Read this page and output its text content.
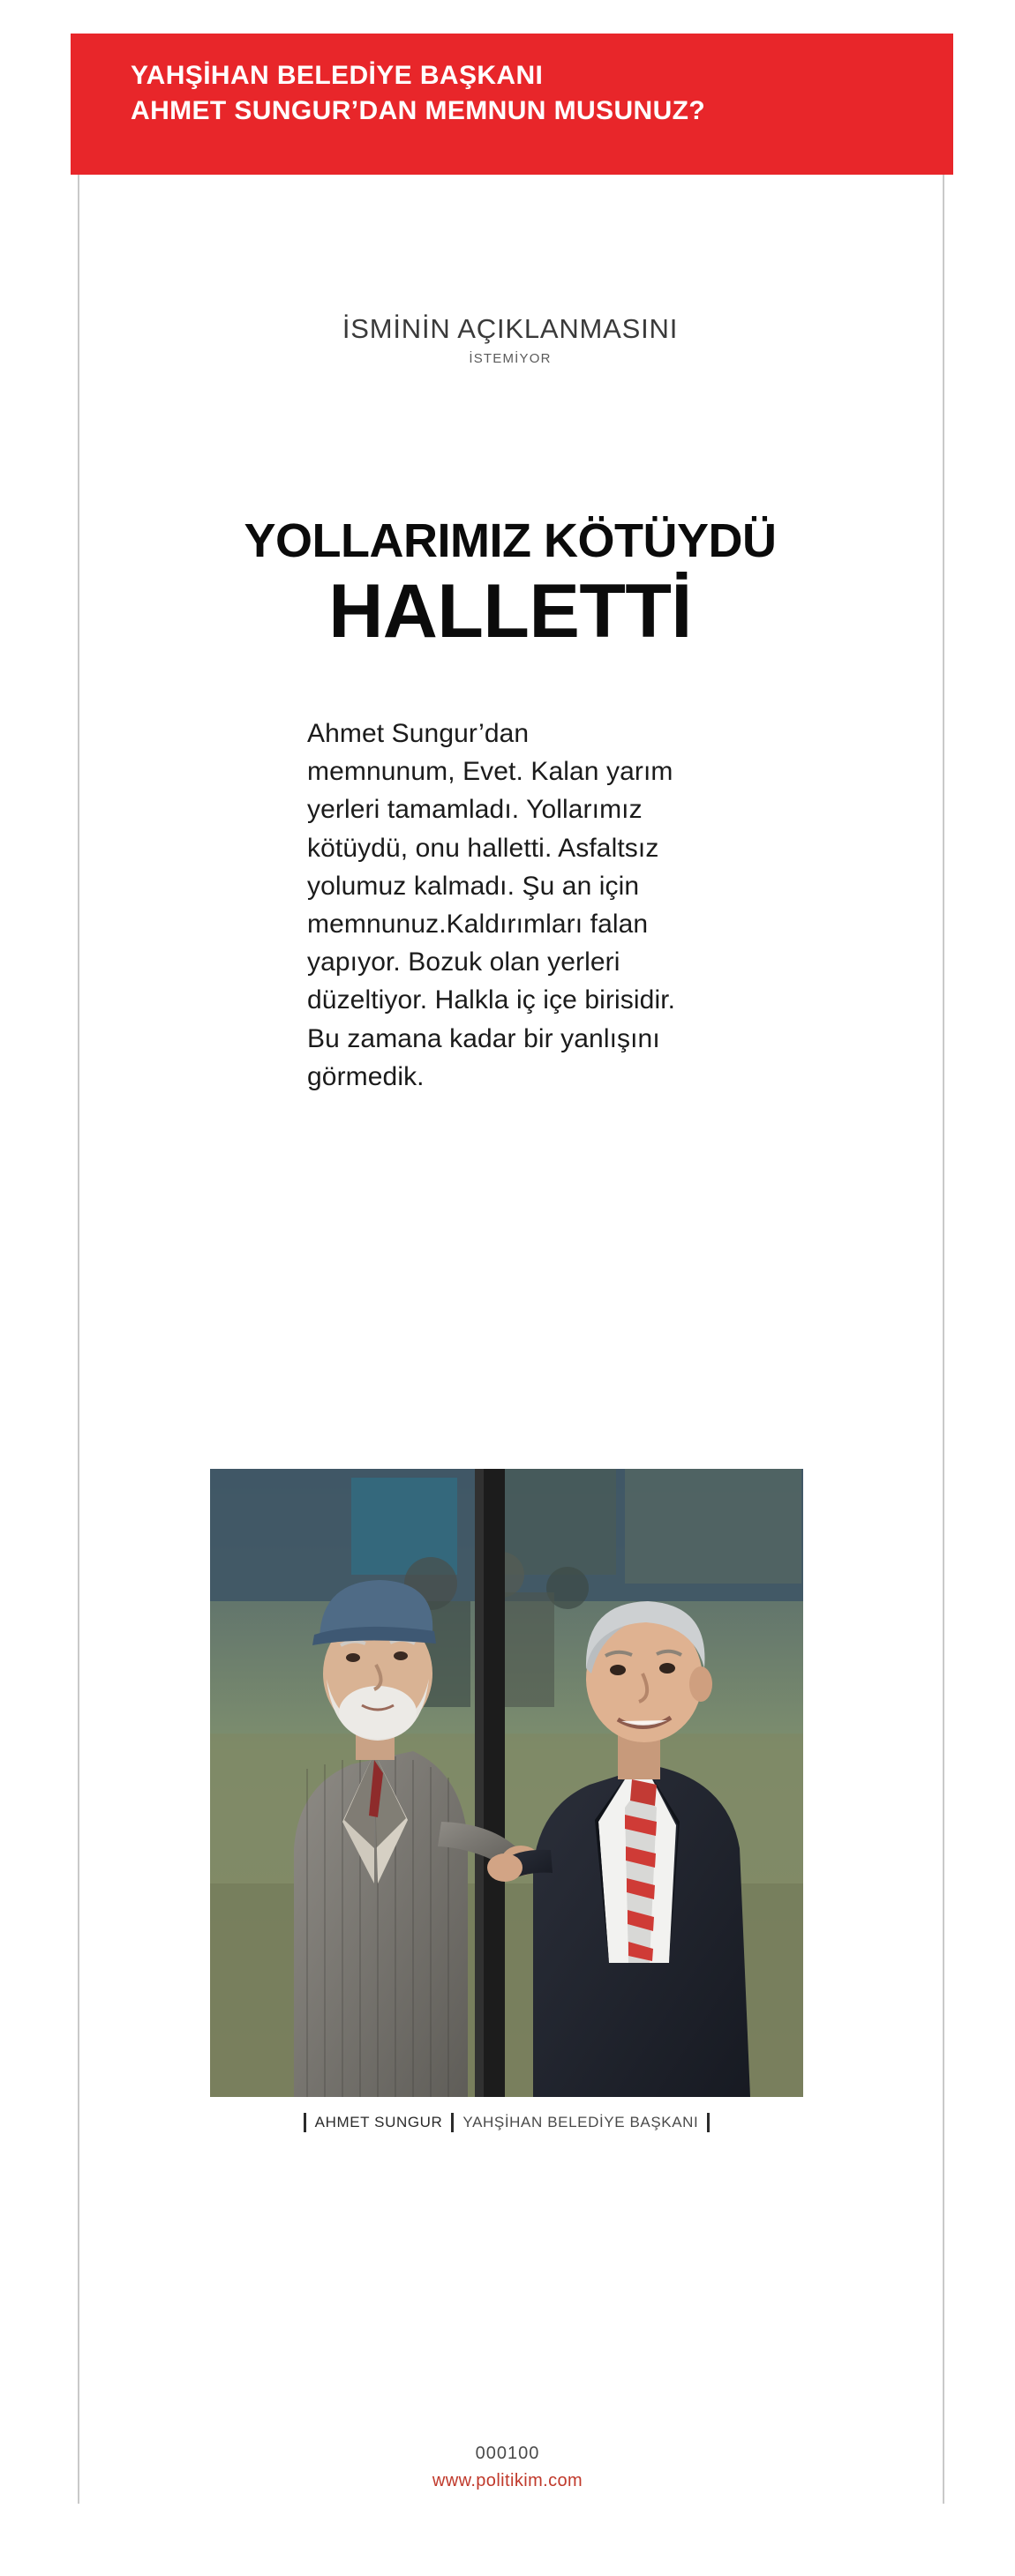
YAHŞİHAN BELEDİYE BAŞKANI
AHMET SUNGUR’DAN MEMNUN MUSUNUZ?
İSMİNİN AÇIKLANMASINI
İSTEMİYOR
YOLLARIMIZ KÖTÜYDÜ
HALLETTİ
Ahmet Sungur’dan memnunum, Evet. Kalan yarım yerleri tamamladı. Yollarımız kötüydü, onu halletti. Asfaltsız yolumuz kalmadı. Şu an için memnunuz.Kaldırımları falan yapıyor. Bozuk olan yerleri düzeltiyor. Halkla iç içe birisidir. Bu zamana kadar bir yanlışını görmedik.
AHMET SUNGUR YAHŞİHAN BELEDİYE BAŞKANI
000100
www.politikim.com
